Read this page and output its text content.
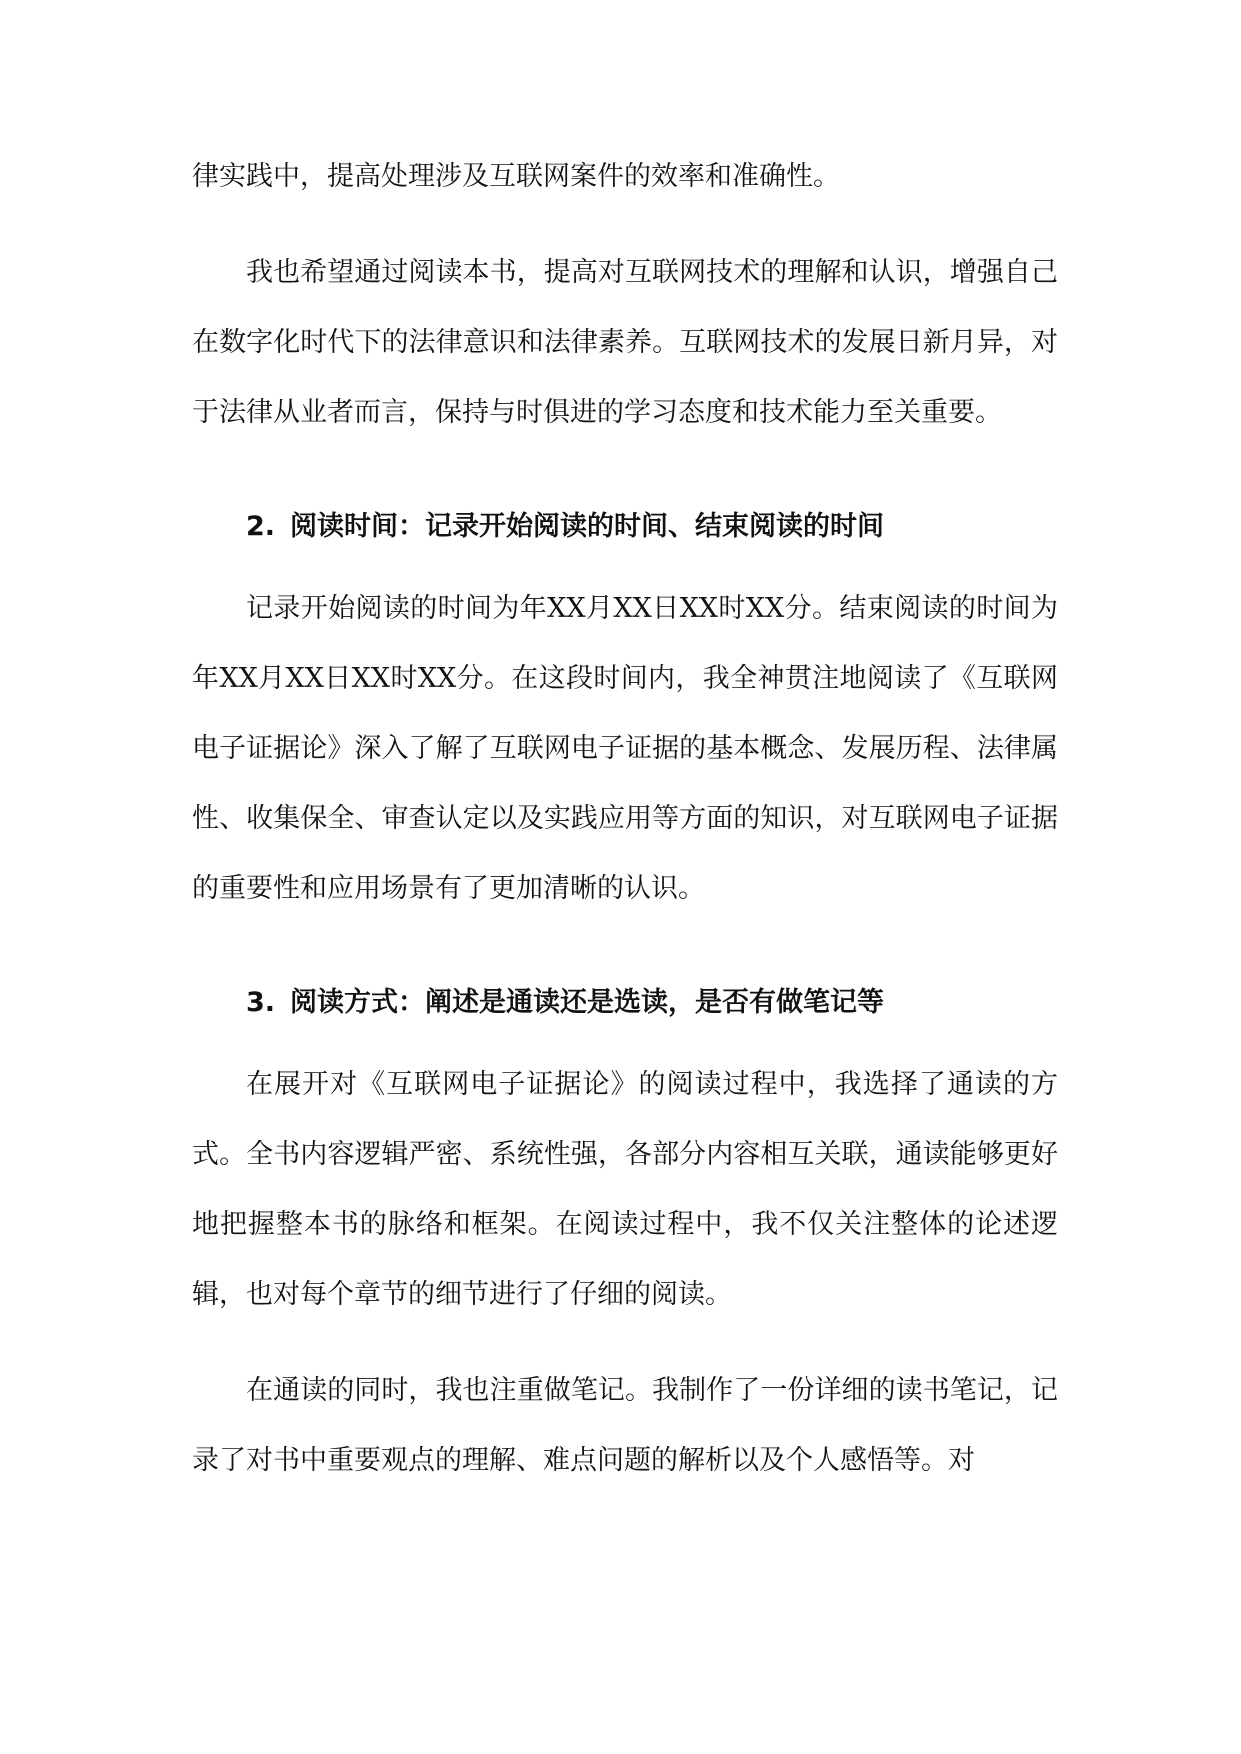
律实践中，提高处理涉及互联网案件的效率和准确性。

我也希望通过阅读本书，提高对互联网技术的理解和认识，增强自己在数字化时代下的法律意识和法律素养。互联网技术的发展日新月异，对于法律从业者而言，保持与时俱进的学习态度和技术能力至关重要。

2. 阅读时间：记录开始阅读的时间、结束阅读的时间

记录开始阅读的时间为年XX月XX日XX时XX分。结束阅读的时间为年XX月XX日XX时XX分。在这段时间内，我全神贯注地阅读了《互联网电子证据论》深入了解了互联网电子证据的基本概念、发展历程、法律属性、收集保全、审查认定以及实践应用等方面的知识，对互联网电子证据的重要性和应用场景有了更加清晰的认识。

3. 阅读方式：阐述是通读还是选读，是否有做笔记等

在展开对《互联网电子证据论》的阅读过程中，我选择了通读的方式。全书内容逻辑严密、系统性强，各部分内容相互关联，通读能够更好地把握整本书的脉络和框架。在阅读过程中，我不仅关注整体的论述逻辑，也对每个章节的细节进行了仔细的阅读。

在通读的同时，我也注重做笔记。我制作了一份详细的读书笔记，记录了对书中重要观点的理解、难点问题的解析以及个人感悟等。对
